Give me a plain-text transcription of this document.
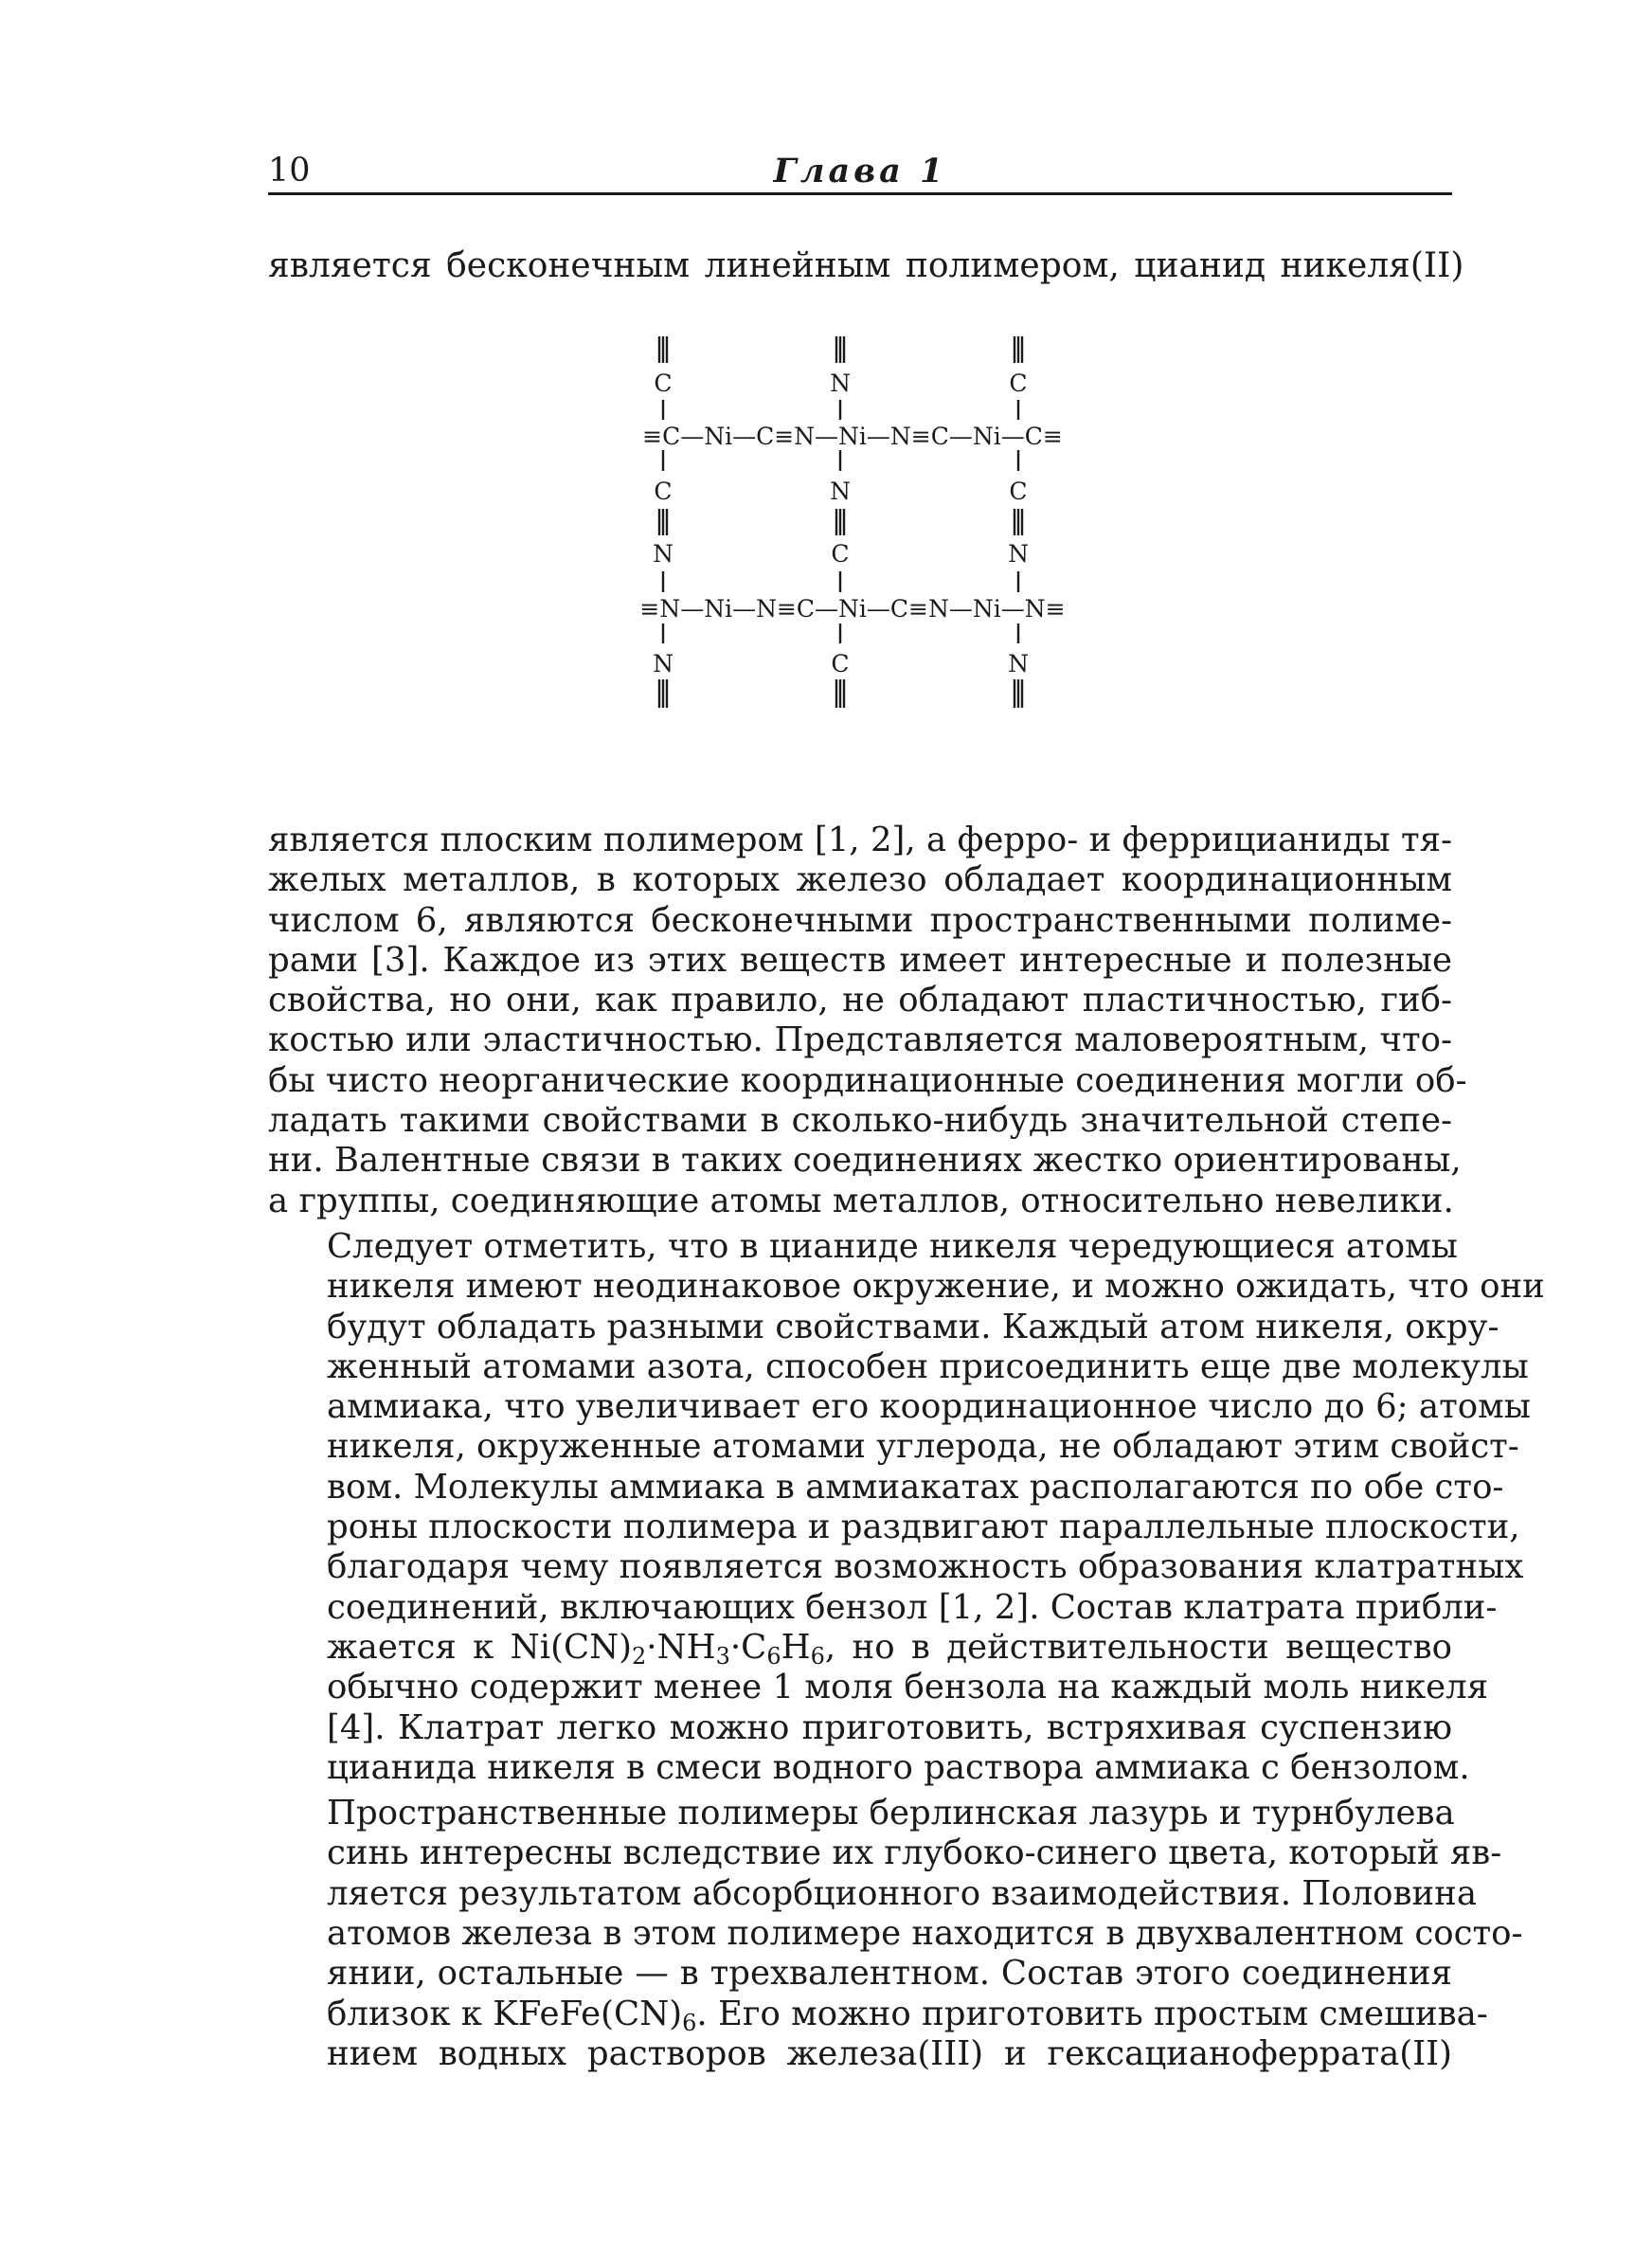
10	Глава 1
является бесконечным линейным полимером, цианид никеля(II)
C
C
N
N
N
N
C
C
C
C
N
N
≡C—Ni—C≡N—Ni—N≡C—Ni—C≡
≡N—Ni—N≡C—Ni—C≡N—Ni—N≡

является плоским полимером [1, 2], а ферро- и феррицианиды тя-
желых металлов, в которых железо обладает координационным
числом 6, являются бесконечными пространственными полиме-
рами [3]. Каждое из этих веществ имеет интересные и полезные
свойства, но они, как правило, не обладают пластичностью, гиб-
костью или эластичностью. Представляется маловероятным, что-
бы чисто неорганические координационные соединения могли об-
ладать такими свойствами в сколько-нибудь значительной степе-
ни. Валентные связи в таких соединениях жестко ориентированы,
а группы, соединяющие атомы металлов, относительно невелики.

Следует отметить, что в цианиде никеля чередующиеся атомы
никеля имеют неодинаковое окружение, и можно ожидать, что они
будут обладать разными свойствами. Каждый атом никеля, окру-
женный атомами азота, способен присоединить еще две молекулы
аммиака, что увеличивает его координационное число до 6; атомы
никеля, окруженные атомами углерода, не обладают этим свойст-
вом. Молекулы аммиака в аммиакатах располагаются по обе сто-
роны плоскости полимера и раздвигают параллельные плоскости,
благодаря чему появляется возможность образования клатратных
соединений, включающих бензол [1, 2]. Состав клатрата прибли-
жается к $Ni(CN)_2\cdot NH_3\cdot C_6H_6$, но в действительности вещество
обычно содержит менее 1 моля бензола на каждый моль никеля
[4]. Клатрат легко можно приготовить, встряхивая суспензию
цианида никеля в смеси водного раствора аммиака с бензолом.

Пространственные полимеры берлинская лазурь и турнбулева
синь интересны вследствие их глубоко-синего цвета, который яв-
ляется результатом абсорбционного взаимодействия. Половина
атомов железа в этом полимере находится в двухвалентном состо-
янии, остальные — в трехвалентном. Состав этого соединения
близок к $KFeFe(CN)_6$. Его можно приготовить простым смешива-
нием водных растворов железа(III) и гексацианоферрата(II)
